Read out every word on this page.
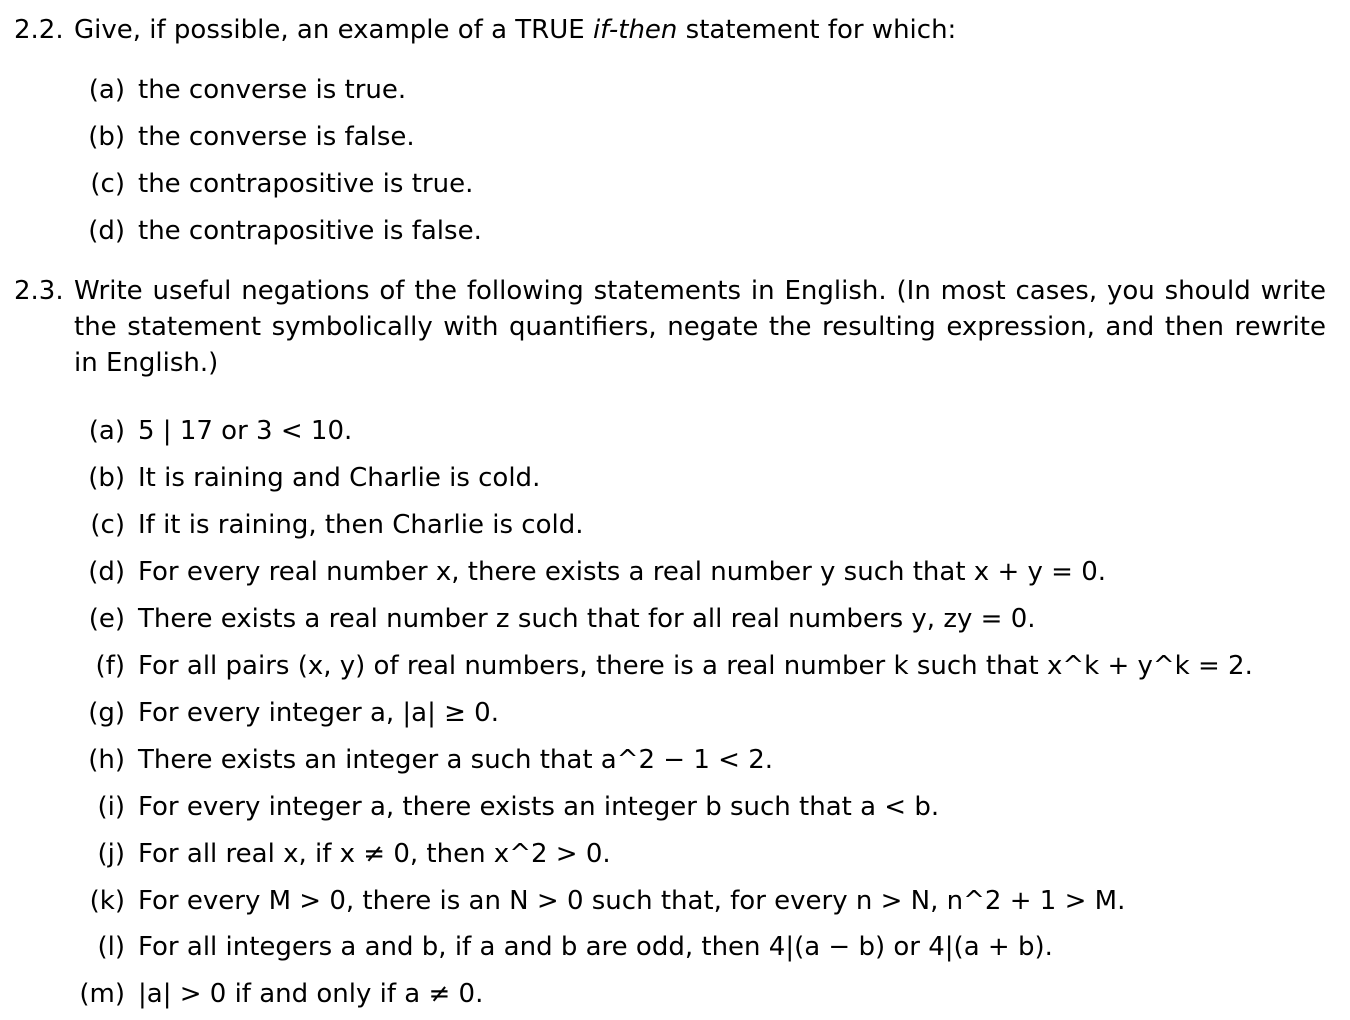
2.2. Give, if possible, an example of a TRUE if-then statement for which:
(a) the converse is true.
(b) the converse is false.
(c) the contrapositive is true.
(d) the contrapositive is false.
2.3. Write useful negations of the following statements in English. (In most cases, you should write the statement symbolically with quantifiers, negate the resulting expression, and then rewrite in English.)
(a) 5 | 17 or 3 < 10.
(b) It is raining and Charlie is cold.
(c) If it is raining, then Charlie is cold.
(d) For every real number x, there exists a real number y such that x + y = 0.
(e) There exists a real number z such that for all real numbers y, zy = 0.
(f) For all pairs (x, y) of real numbers, there is a real number k such that x^k + y^k = 2.
(g) For every integer a, |a| ≥ 0.
(h) There exists an integer a such that a^2 − 1 < 2.
(i) For every integer a, there exists an integer b such that a < b.
(j) For all real x, if x ≠ 0, then x^2 > 0.
(k) For every M > 0, there is an N > 0 such that, for every n > N, n^2 + 1 > M.
(l) For all integers a and b, if a and b are odd, then 4|(a − b) or 4|(a + b).
(m) |a| > 0 if and only if a ≠ 0.
